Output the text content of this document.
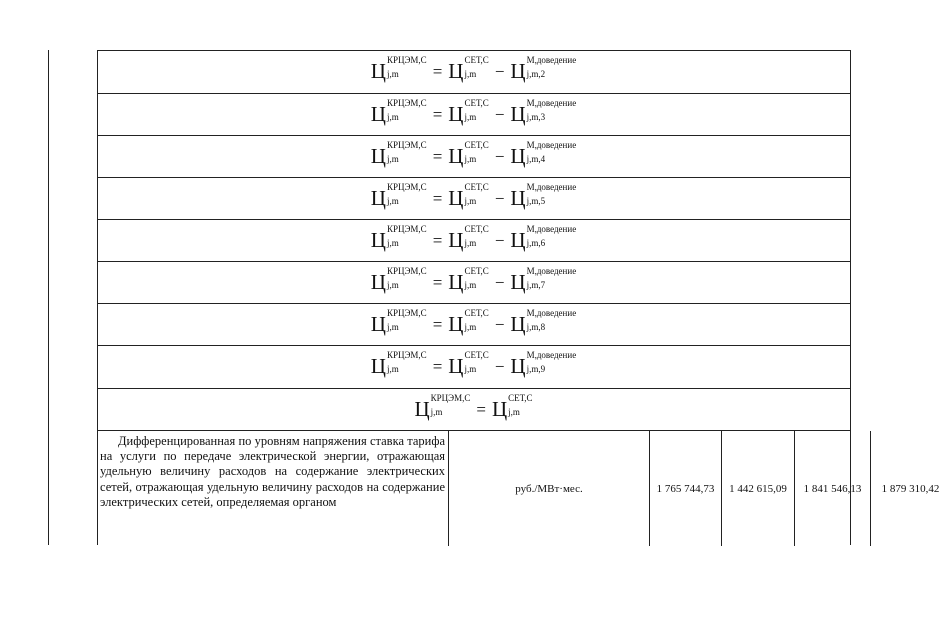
Ц КРЦЭМ,C
j,m	= Ц СЕТ,C
j,m	− Ц М,доведение
j,m,2
Ц КРЦЭМ,C
j,m	= Ц СЕТ,C
j,m	− Ц М,доведение
j,m,3
Ц КРЦЭМ,C
j,m	= Ц СЕТ,C
j,m	− Ц М,доведение
j,m,4
Ц КРЦЭМ,C
j,m	= Ц СЕТ,C
j,m	− Ц М,доведение
j,m,5
Ц КРЦЭМ,C
j,m	= Ц СЕТ,C
j,m	− Ц М,доведение
j,m,6
Ц КРЦЭМ,C
j,m	= Ц СЕТ,C
j,m	− Ц М,доведение
j,m,7
Ц КРЦЭМ,C
j,m	= Ц СЕТ,C
j,m	− Ц М,доведение
j,m,8
Ц КРЦЭМ,C
j,m	= Ц СЕТ,C
j,m	− Ц М,доведение
j,m,9
Ц КРЦЭМ,C
j,m	= Ц СЕТ,C
j,m
Дифференцированная по уровням напряжения ставка тарифа на услуги по передаче электрической энергии, отражающая удельную величину расходов на содержание электрических сетей, отражающая удельную величину расходов на содержание электрических сетей, определяемая органом
руб./МВт·мес.	1 765 744,73	1 442 615,09	1 841 546,13	1 879 310,42
